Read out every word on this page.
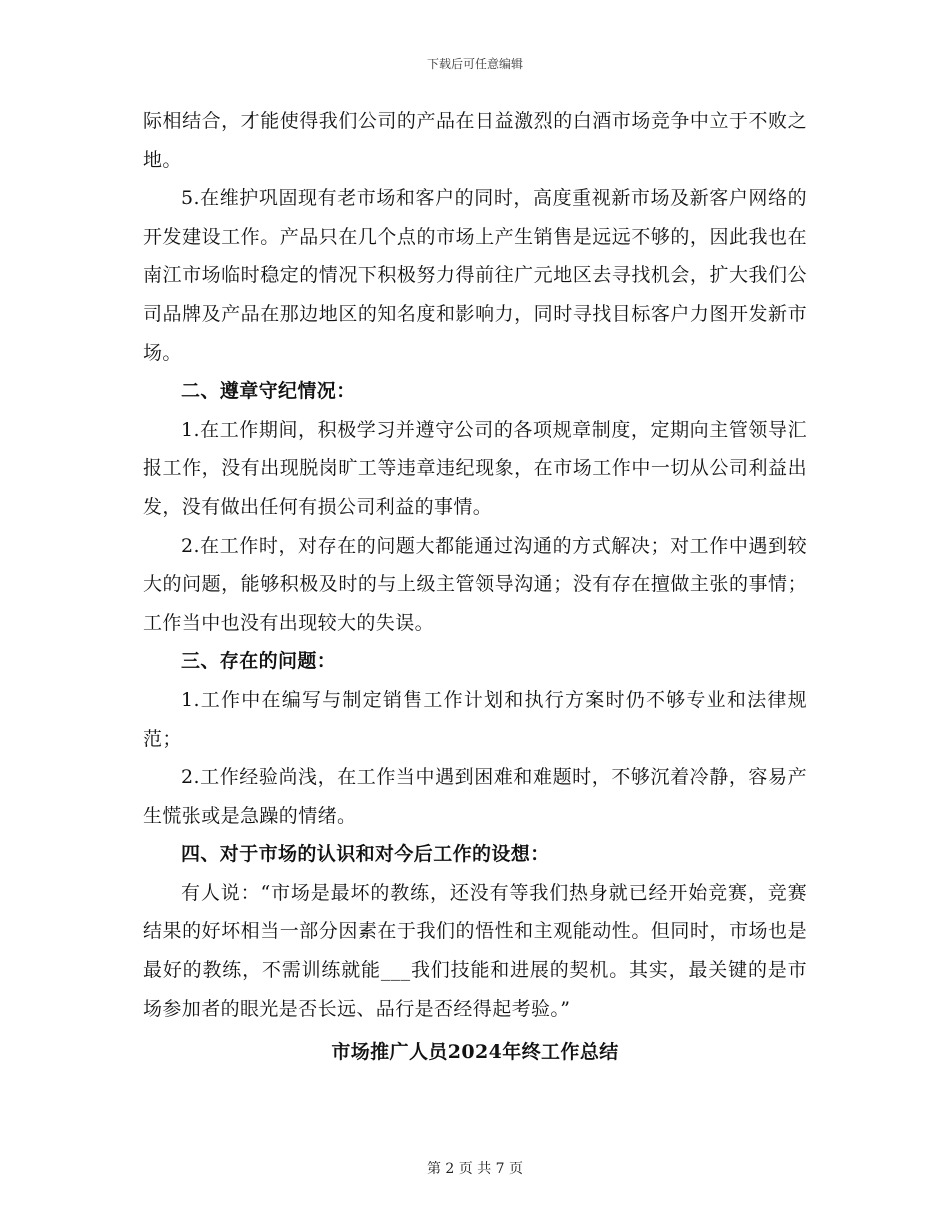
下载后可任意编辑

际相结合，才能使得我们公司的产品在日益激烈的白酒市场竞争中立于不败之地。

5.在维护巩固现有老市场和客户的同时，高度重视新市场及新客户网络的开发建设工作。产品只在几个点的市场上产生销售是远远不够的，因此我也在南江市场临时稳定的情况下积极努力得前往广元地区去寻找机会，扩大我们公司品牌及产品在那边地区的知名度和影响力，同时寻找目标客户力图开发新市场。

二、遵章守纪情况：

1.在工作期间，积极学习并遵守公司的各项规章制度，定期向主管领导汇报工作，没有出现脱岗旷工等违章违纪现象，在市场工作中一切从公司利益出发，没有做出任何有损公司利益的事情。

2.在工作时，对存在的问题大都能通过沟通的方式解决；对工作中遇到较大的问题，能够积极及时的与上级主管领导沟通；没有存在擅做主张的事情；工作当中也没有出现较大的失误。

三、存在的问题：

1.工作中在编写与制定销售工作计划和执行方案时仍不够专业和法律规范；

2.工作经验尚浅，在工作当中遇到困难和难题时，不够沉着冷静，容易产生慌张或是急躁的情绪。

四、对于市场的认识和对今后工作的设想：

有人说：“市场是最坏的教练，还没有等我们热身就已经开始竞赛，竞赛结果的好坏相当一部分因素在于我们的悟性和主观能动性。但同时，市场也是最好的教练，不需训练就能___我们技能和进展的契机。其实，最关键的是市场参加者的眼光是否长远、品行是否经得起考验。”

市场推广人员2024年终工作总结
第 2 页 共 7 页
